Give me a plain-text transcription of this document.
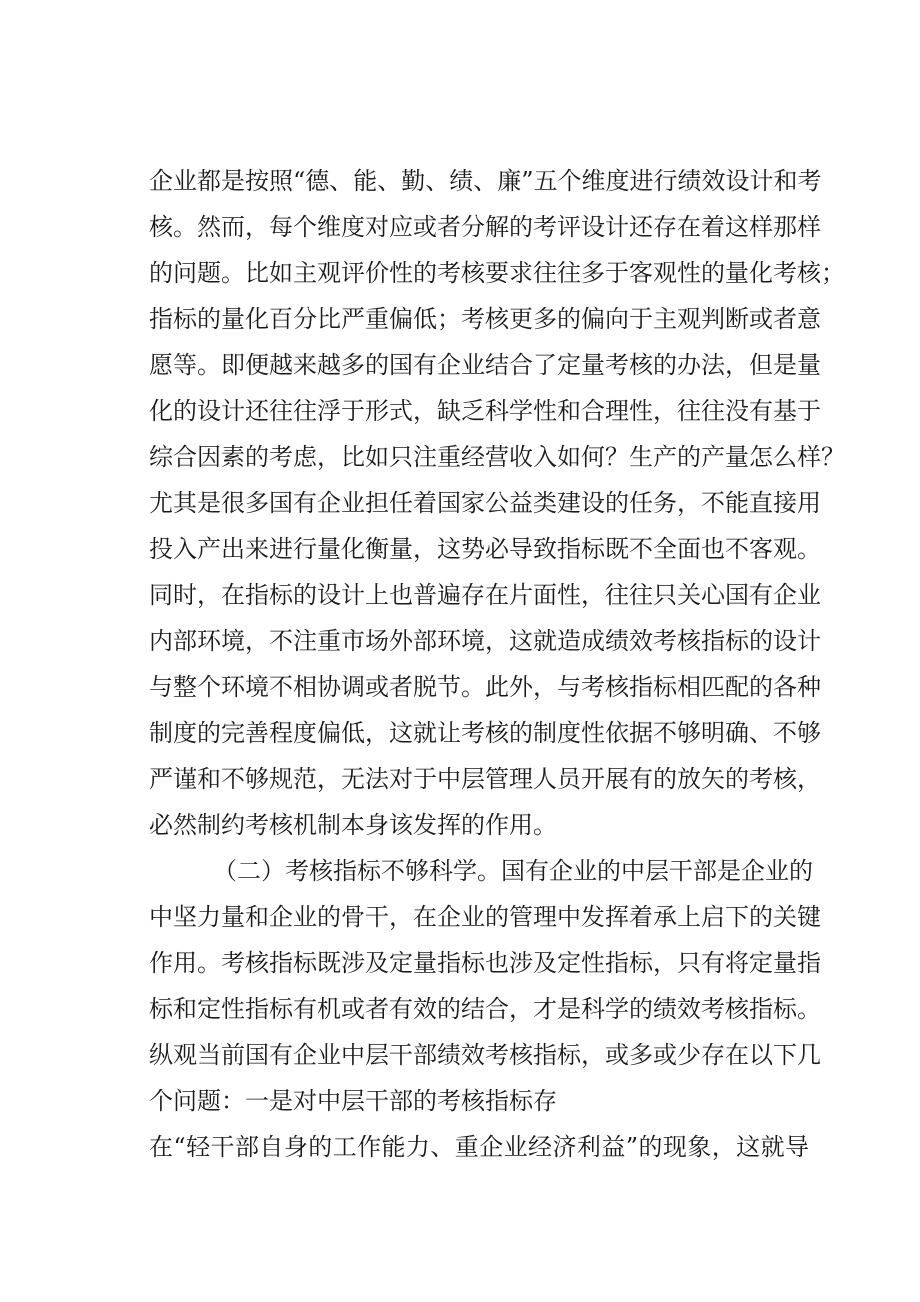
企业都是按照“德、能、勤、绩、廉”五个维度进行绩效设计和考
核。然而，每个维度对应或者分解的考评设计还存在着这样那样
的问题。比如主观评价性的考核要求往往多于客观性的量化考核；
指标的量化百分比严重偏低；考核更多的偏向于主观判断或者意
愿等。即便越来越多的国有企业结合了定量考核的办法，但是量
化的设计还往往浮于形式，缺乏科学性和合理性，往往没有基于
综合因素的考虑，比如只注重经营收入如何？生产的产量怎么样？
尤其是很多国有企业担任着国家公益类建设的任务，不能直接用
投入产出来进行量化衡量，这势必导致指标既不全面也不客观。
同时，在指标的设计上也普遍存在片面性，往往只关心国有企业
内部环境，不注重市场外部环境，这就造成绩效考核指标的设计
与整个环境不相协调或者脱节。此外，与考核指标相匹配的各种
制度的完善程度偏低，这就让考核的制度性依据不够明确、不够
严谨和不够规范，无法对于中层管理人员开展有的放矢的考核，
必然制约考核机制本身该发挥的作用。
（二）考核指标不够科学。国有企业的中层干部是企业的
中坚力量和企业的骨干，在企业的管理中发挥着承上启下的关键
作用。考核指标既涉及定量指标也涉及定性指标，只有将定量指
标和定性指标有机或者有效的结合，才是科学的绩效考核指标。
纵观当前国有企业中层干部绩效考核指标，或多或少存在以下几
个问题：一是对中层干部的考核指标存
在“轻干部自身的工作能力、重企业经济利益”的现象，这就导
